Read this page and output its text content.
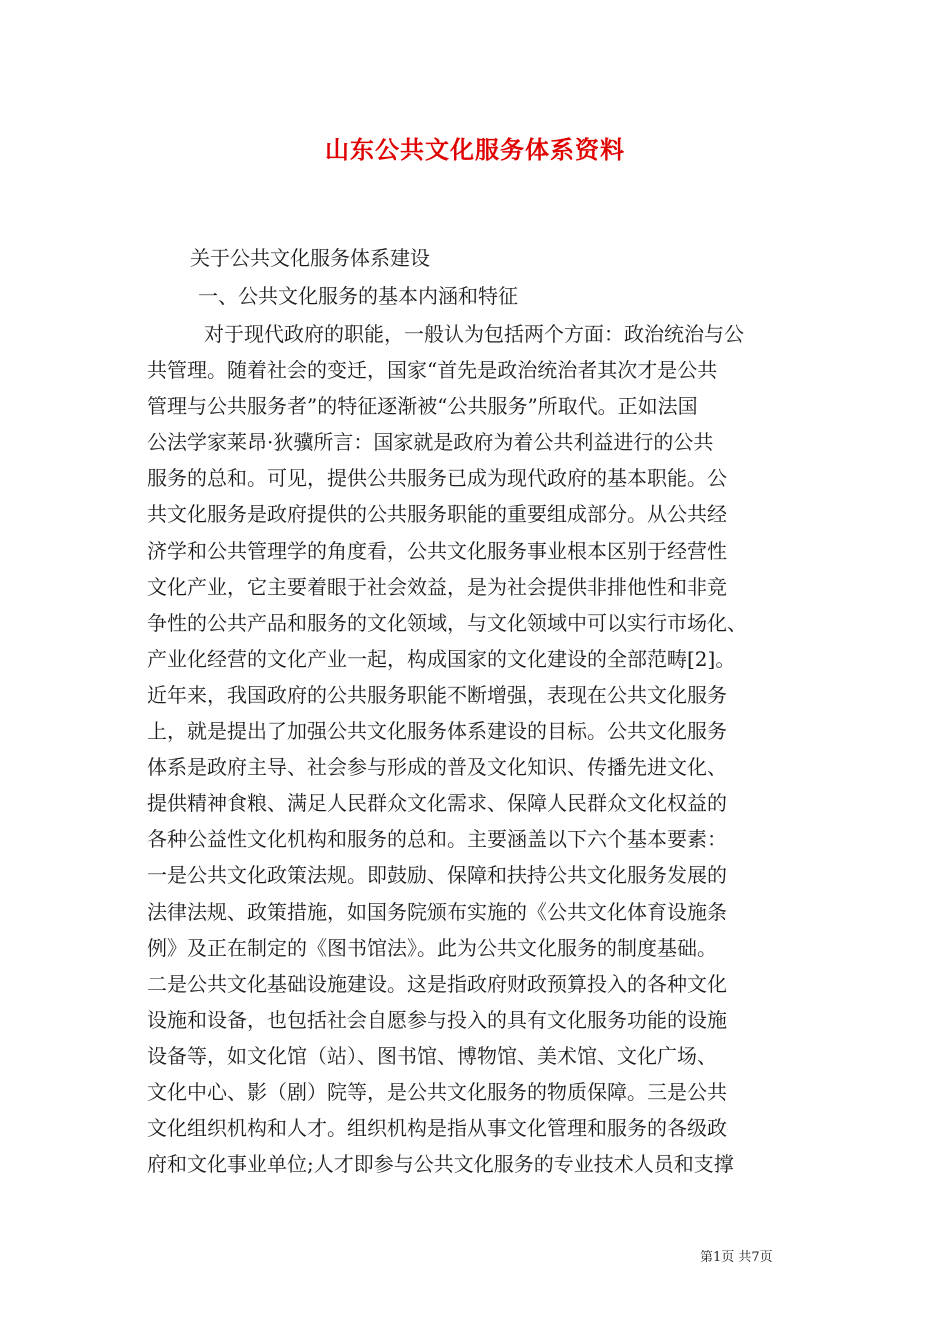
山东公共文化服务体系资料
关于公共文化服务体系建设
一、公共文化服务的基本内涵和特征
对于现代政府的职能，一般认为包括两个方面：政治统治与公
共管理。随着社会的变迁，国家“首先是政治统治者其次才是公共
管理与公共服务者”的特征逐渐被“公共服务”所取代。正如法国
公法学家莱昂·狄骥所言：国家就是政府为着公共利益进行的公共
服务的总和。可见，提供公共服务已成为现代政府的基本职能。公
共文化服务是政府提供的公共服务职能的重要组成部分。从公共经
济学和公共管理学的角度看，公共文化服务事业根本区别于经营性
文化产业，它主要着眼于社会效益，是为社会提供非排他性和非竞
争性的公共产品和服务的文化领域，与文化领域中可以实行市场化、
产业化经营的文化产业一起，构成国家的文化建设的全部范畴[2]。
近年来，我国政府的公共服务职能不断增强，表现在公共文化服务
上，就是提出了加强公共文化服务体系建设的目标。公共文化服务
体系是政府主导、社会参与形成的普及文化知识、传播先进文化、
提供精神食粮、满足人民群众文化需求、保障人民群众文化权益的
各种公益性文化机构和服务的总和。主要涵盖以下六个基本要素：
一是公共文化政策法规。即鼓励、保障和扶持公共文化服务发展的
法律法规、政策措施，如国务院颁布实施的《公共文化体育设施条
例》及正在制定的《图书馆法》。此为公共文化服务的制度基础。
二是公共文化基础设施建设。这是指政府财政预算投入的各种文化
设施和设备，也包括社会自愿参与投入的具有文化服务功能的设施
设备等，如文化馆（站）、图书馆、博物馆、美术馆、文化广场、
文化中心、影（剧）院等，是公共文化服务的物质保障。三是公共
文化组织机构和人才。组织机构是指从事文化管理和服务的各级政
府和文化事业单位;人才即参与公共文化服务的专业技术人员和支撑
第1页 共7页
